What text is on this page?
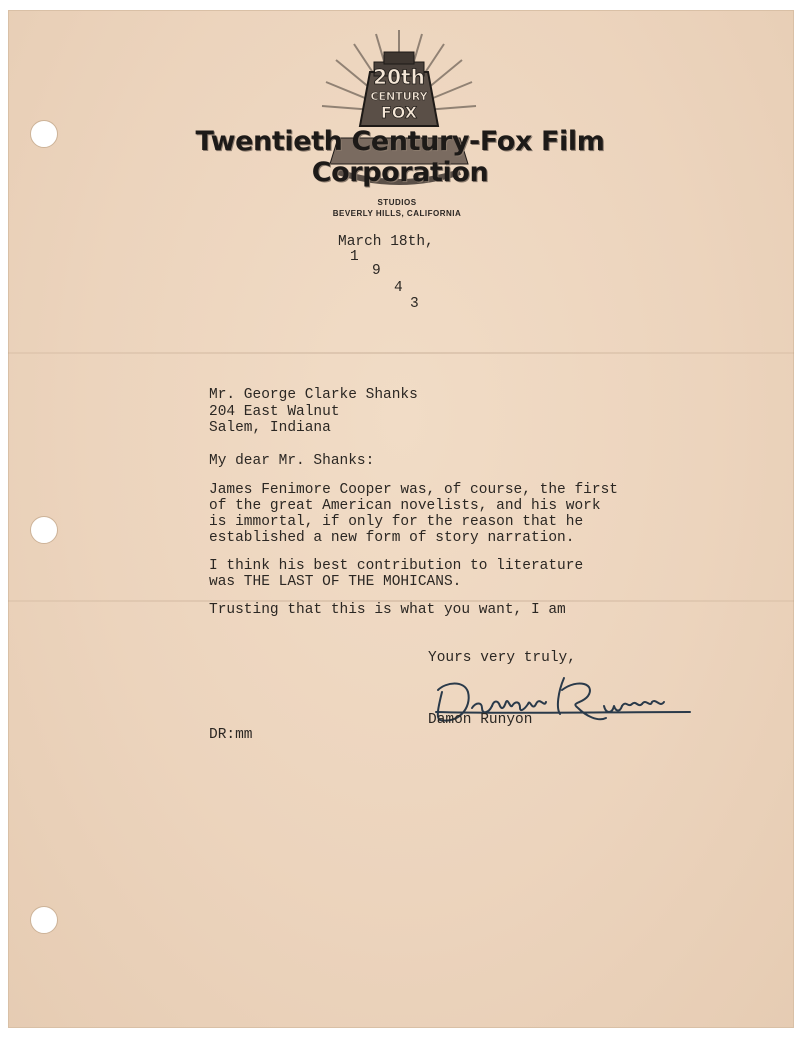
20th
CENTURY
FOX
Twentieth Century-Fox Film Corporation
STUDIOS
BEVERLY HILLS, CALIFORNIA
March 18th,
1
9
4
3
Mr. George Clarke Shanks
204 East Walnut
Salem, Indiana
My dear Mr. Shanks:
James Fenimore Cooper was, of course, the first
of the great American novelists, and his work
is immortal, if only for the reason that he
established a new form of story narration.
I think his best contribution to literature
was THE LAST OF THE MOHICANS.
Trusting that this is what you want, I am
Yours very truly,
Damon Runyon
Damon Runyon
DR:mm
